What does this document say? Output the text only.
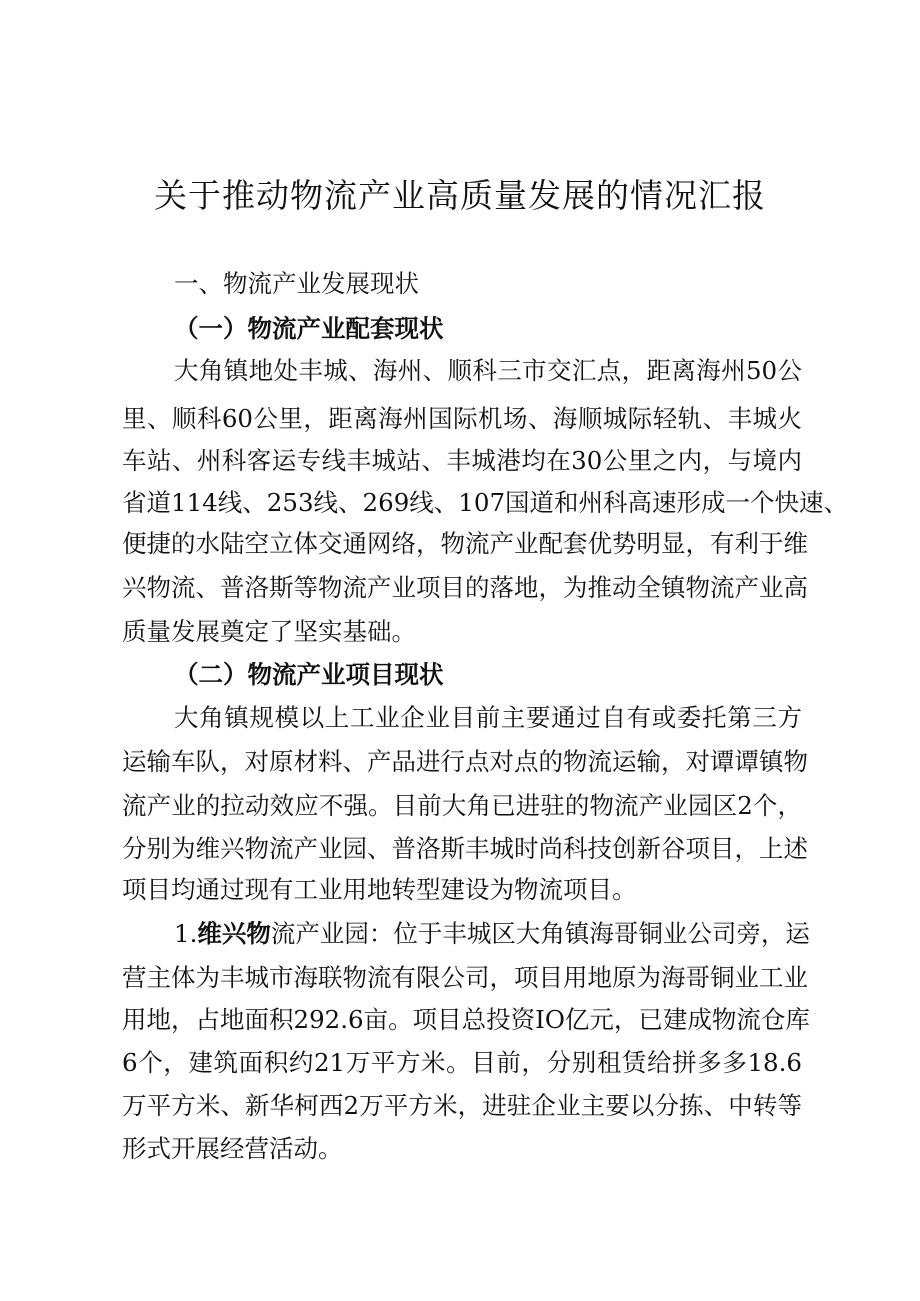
关于推动物流产业高质量发展的情况汇报
一、物流产业发展现状
（一）物流产业配套现状
大角镇地处丰城、海州、顺科三市交汇点，距离海州50公
里、顺科60公里，距离海州国际机场、海顺城际轻轨、丰城火
车站、州科客运专线丰城站、丰城港均在30公里之内，与境内
省道114线、253线、269线、107国道和州科高速形成一个快速、
便捷的水陆空立体交通网络，物流产业配套优势明显，有利于维
兴物流、普洛斯等物流产业项目的落地，为推动全镇物流产业高
质量发展奠定了坚实基础。
（二）物流产业项目现状
大角镇规模以上工业企业目前主要通过自有或委托第三方
运输车队，对原材料、产品进行点对点的物流运输，对谭谭镇物
流产业的拉动效应不强。目前大角已进驻的物流产业园区2个，
分别为维兴物流产业园、普洛斯丰城时尚科技创新谷项目，上述
项目均通过现有工业用地转型建设为物流项目。
1.维兴物流产业园：位于丰城区大角镇海哥铜业公司旁，运
营主体为丰城市海联物流有限公司，项目用地原为海哥铜业工业
用地，占地面积292.6亩。项目总投资IO亿元，已建成物流仓库
6个，建筑面积约21万平方米。目前，分别租赁给拼多多18.6
万平方米、新华柯西2万平方米，进驻企业主要以分拣、中转等
形式开展经营活动。
